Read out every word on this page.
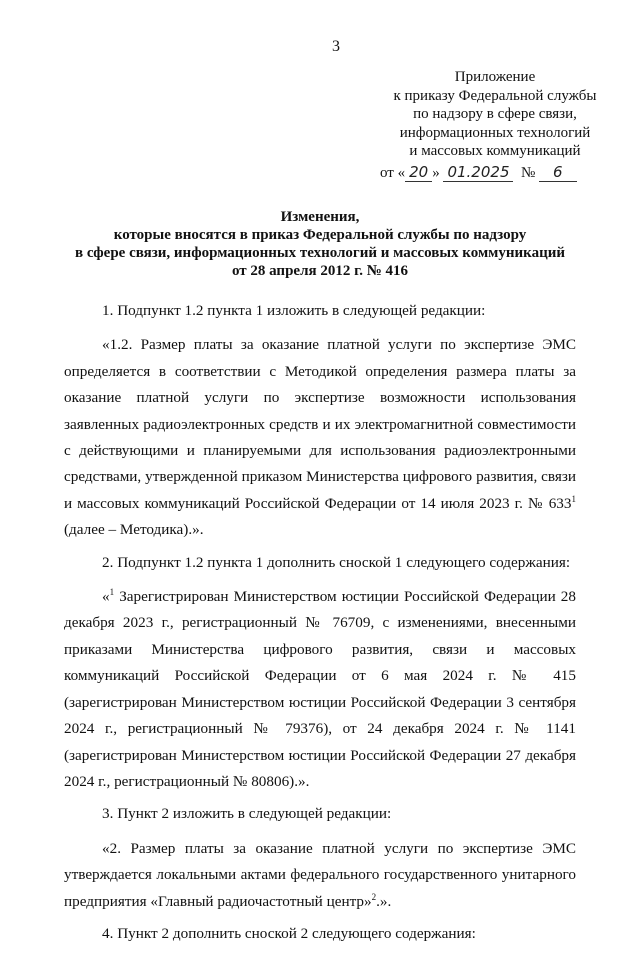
3
Приложение
к приказу Федеральной службы
по надзору в сфере связи,
информационных технологий
и массовых коммуникаций
от « 20 » 01.2025 № 6
Изменения,
которые вносятся в приказ Федеральной службы по надзору
в сфере связи, информационных технологий и массовых коммуникаций
от 28 апреля 2012 г. № 416

1. Подпункт 1.2 пункта 1 изложить в следующей редакции:

«1.2. Размер платы за оказание платной услуги по экспертизе ЭМС определяется в соответствии с Методикой определения размера платы за оказание платной услуги по экспертизе возможности использования заявленных радиоэлектронных средств и их электромагнитной совместимости с действующими и планируемыми для использования радиоэлектронными средствами, утвержденной приказом Министерства цифрового развития, связи и массовых коммуникаций Российской Федерации от 14 июля 2023 г. № $633^1$ (далее – Методика).».

2. Подпункт 1.2 пункта 1 дополнить сноской 1 следующего содержания:

«$^1$ Зарегистрирован Министерством юстиции Российской Федерации 28 декабря 2023 г., регистрационный № 76709, с изменениями, внесенными приказами Министерства цифрового развития, связи и массовых коммуникаций Российской Федерации от 6 мая 2024 г. № 415 (зарегистрирован Министерством юстиции Российской Федерации 3 сентября 2024 г., регистрационный № 79376), от 24 декабря 2024 г. № 1141 (зарегистрирован Министерством юстиции Российской Федерации 27 декабря 2024 г., регистрационный № 80806).».

3. Пункт 2 изложить в следующей редакции:

«2. Размер платы за оказание платной услуги по экспертизе ЭМС утверждается локальными актами федерального государственного унитарного предприятия «Главный радиочастотный центр»$^2$.».

4. Пункт 2 дополнить сноской 2 следующего содержания:
